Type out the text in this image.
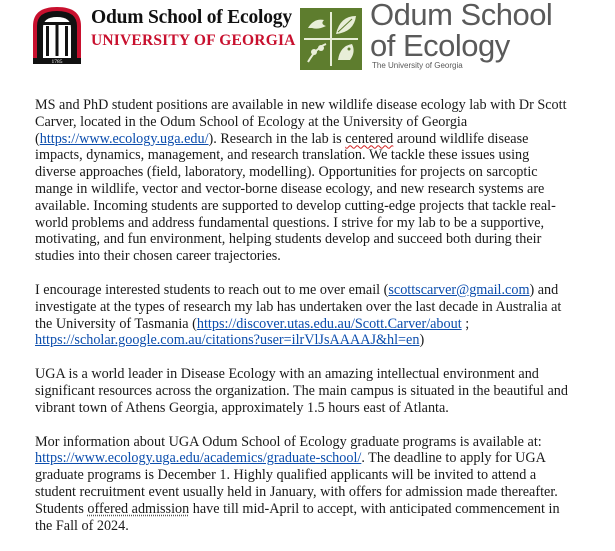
1785
Odum School of Ecology
UNIVERSITY OF GEORGIA
Odum School
of Ecology
The University of Georgia

MS and PhD student positions are available in new wildlife disease ecology lab with Dr Scott
Carver, located in the Odum School of Ecology at the University of Georgia
(https://www.ecology.uga.edu/). Research in the lab is centered around wildlife disease
impacts, dynamics, management, and research translation. We tackle these issues using
diverse approaches (field, laboratory, modelling). Opportunities for projects on sarcoptic
mange in wildlife, vector and vector-borne disease ecology, and new research systems are
available. Incoming students are supported to develop cutting-edge projects that tackle real-
world problems and address fundamental questions. I strive for my lab to be a supportive,
motivating, and fun environment, helping students develop and succeed both during their
studies into their chosen career trajectories.

I encourage interested students to reach out to me over email (scottscarver@gmail.com) and
investigate at the types of research my lab has undertaken over the last decade in Australia at
the University of Tasmania (https://discover.utas.edu.au/Scott.Carver/about ;
https://scholar.google.com.au/citations?user=ilrVlJsAAAAJ&hl=en)

UGA is a world leader in Disease Ecology with an amazing intellectual environment and
significant resources across the organization. The main campus is situated in the beautiful and
vibrant town of Athens Georgia, approximately 1.5 hours east of Atlanta.

Mor information about UGA Odum School of Ecology graduate programs is available at:
https://www.ecology.uga.edu/academics/graduate-school/. The deadline to apply for UGA
graduate programs is December 1. Highly qualified applicants will be invited to attend a
student recruitment event usually held in January, with offers for admission made thereafter.
Students offered admission have till mid-April to accept, with anticipated commencement in
the Fall of 2024.
